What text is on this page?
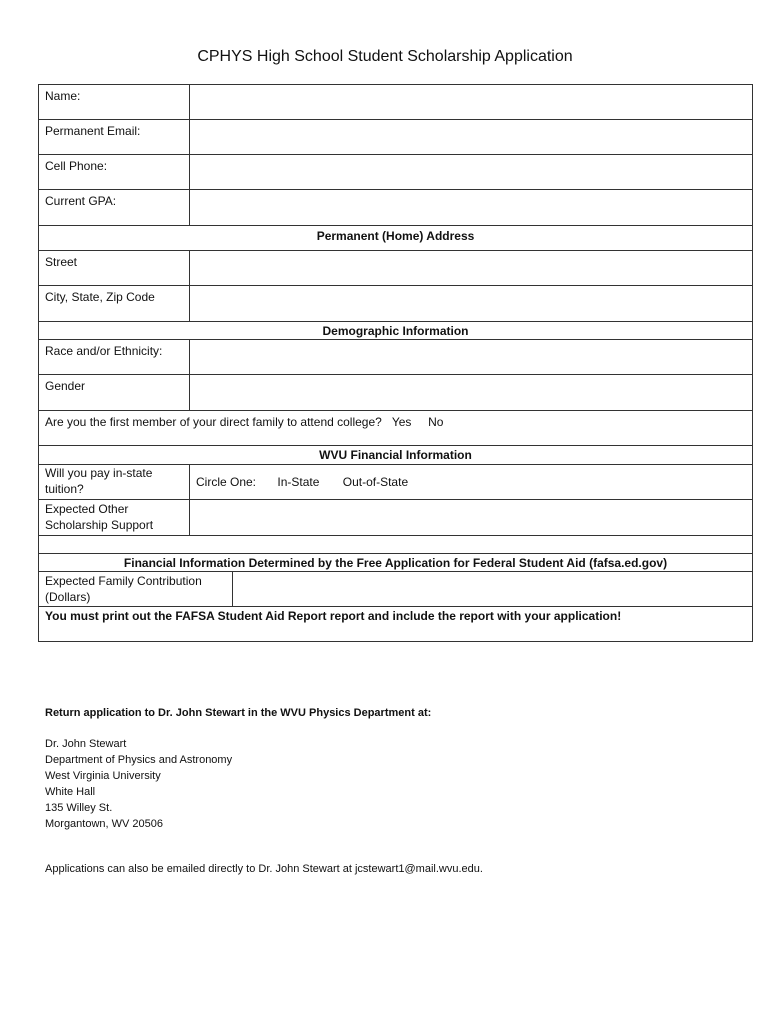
CPHYS High School Student Scholarship Application
Name:
Permanent Email:
Cell Phone:
Current GPA:
Permanent (Home) Address
Street
City, State, Zip Code
Demographic Information
Race and/or Ethnicity:
Gender
Are you the first member of your direct family to attend college? Yes No
WVU Financial Information
Will you pay in-state tuition?	Circle One: In-State Out-of-State
Expected Other Scholarship Support
Financial Information Determined by the Free Application for Federal Student Aid (fafsa.ed.gov)
Expected Family Contribution (Dollars)
You must print out the FAFSA Student Aid Report report and include the report with your application!
Return application to Dr. John Stewart in the WVU Physics Department at:
Dr. John Stewart
Department of Physics and Astronomy
West Virginia University
White Hall
135 Willey St.
Morgantown, WV 20506
Applications can also be emailed directly to Dr. John Stewart at jcstewart1@mail.wvu.edu.
